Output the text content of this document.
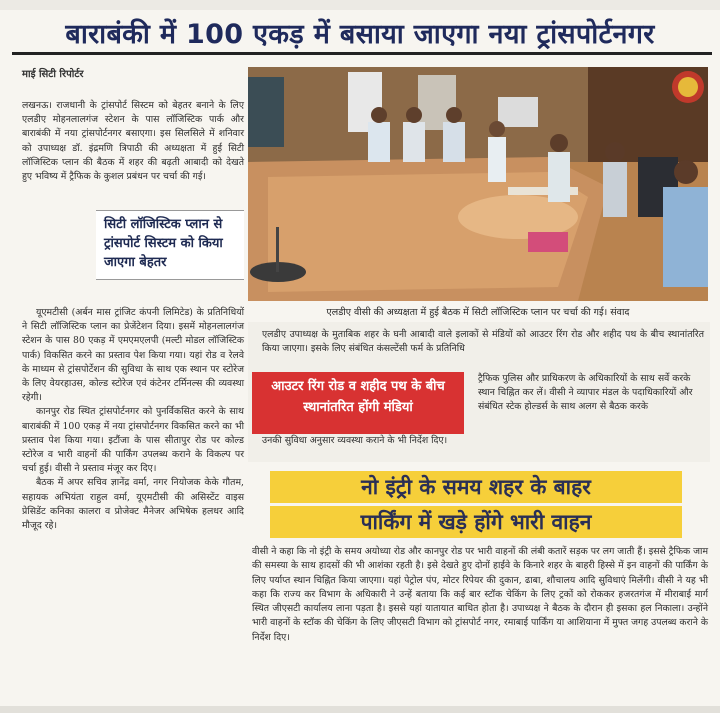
बाराबंकी में 100 एकड़ में बसाया जाएगा नया ट्रांसपोर्टनगर
माई सिटी रिपोर्टर

लखनऊ। राजधानी के ट्रांसपोर्ट सिस्टम को बेहतर बनाने के लिए एलडीए मोहनलालगंज स्टेशन के पास लॉजिस्टिक पार्क और बाराबंकी में नया ट्रांसपोर्टनगर बसाएगा। इस सिलसिले में शनिवार को उपाध्यक्ष डॉ. इंद्रमणि त्रिपाठी की अध्यक्षता में हुई सिटी लॉजिस्टिक प्लान की बैठक में शहर की बढ़ती आबादी को देखते हुए भविष्य में ट्रैफिक के कुशल प्रबंधन पर चर्चा की गई।

सिटी लॉजिस्टिक प्लान से ट्रांसपोर्ट सिस्टम को किया जाएगा बेहतर

यूएमटीसी (अर्बन मास ट्रांजिट कंपनी लिमिटेड) के प्रतिनिधियों ने सिटी लॉजिस्टिक प्लान का प्रेजेंटेशन दिया। इसमें मोहनलालगंज स्टेशन के पास 80 एकड़ में एमएमएलपी (मल्टी मोडल लॉजिस्टिक पार्क) विकसित करने का प्रस्ताव पेश किया गया। यहां रोड व रेलवे के माध्यम से ट्रांसपोर्टेशन की सुविधा के साथ एक स्थान पर स्टोरेज के लिए वेयरहाउस, कोल्ड स्टोरेज एवं कंटेनर टर्मिनल्स की व्यवस्था रहेगी।

कानपुर रोड स्थित ट्रांसपोर्टनगर को पुनर्विकसित करने के साथ बाराबंकी में 100 एकड़ में नया ट्रांसपोर्टनगर विकसित करने का भी प्रस्ताव पेश किया गया। इटौंजा के पास सीतापुर रोड पर कोल्ड स्टोरेज व भारी वाहनों की पार्किंग उपलब्ध कराने के विकल्प पर चर्चा हुई। वीसी ने प्रस्ताव मंजूर कर दिए।

बैठक में अपर सचिव ज्ञानेंद्र वर्मा, नगर नियोजक केके गौतम, सहायक अभियंता राहुल वर्मा, यूएमटीसी की असिस्टेंट वाइस प्रेसिडेंट कनिका कालरा व प्रोजेक्ट मैनेजर अभिषेक हलधर आदि मौजूद रहे।

एलडीए वीसी की अध्यक्षता में हुई बैठक में सिटी लॉजिस्टिक प्लान पर चर्चा की गई। संवाद
एलडीए उपाध्यक्ष के मुताबिक शहर के घनी आबादी वाले इलाकों से मंडियों को आउटर रिंग रोड और शहीद पथ के बीच स्थानांतरित किया जाएगा। इसके लिए संबंधित कंसल्टेंसी फर्म के प्रतिनिधि
उनकी सुविधा अनुसार व्यवस्था कराने के भी निर्देश दिए।
आउटर रिंग रोड व शहीद पथ के बीच स्थानांतरित होंगी मंडियां
ट्रैफिक पुलिस और प्राधिकरण के अधिकारियों के साथ सर्वे करके स्थान चिह्नित कर लें। वीसी ने व्यापार मंडल के पदाधिकारियों और संबंधित स्टेक होल्डर्स के साथ अलग से बैठक करके
नो इंट्री के समय शहर के बाहर
पार्किंग में खड़े होंगे भारी वाहन
वीसी ने कहा कि नो इंट्री के समय अयोध्या रोड और कानपुर रोड पर भारी वाहनों की लंबी कतारें सड़क पर लग जाती हैं। इससे ट्रैफिक जाम की समस्या के साथ हादसों की भी आशंका रहती है। इसे देखते हुए दोनों हाईवे के किनारे शहर के बाहरी हिस्से में इन वाहनों की पार्किंग के लिए पर्याप्त स्थान चिह्नित किया जाएगा। यहां पेट्रोल पंप, मोटर रिपेयर की दुकान, ढाबा, शौचालय आदि सुविधाएं मिलेंगी। वीसी ने यह भी कहा कि राज्य कर विभाग के अधिकारी ने उन्हें बताया कि कई बार स्टॉक चेकिंग के लिए ट्रकों को रोककर हजरतगंज में मीराबाई मार्ग स्थित जीएसटी कार्यालय लाना पड़ता है। इससे यहां यातायात बाधित होता है। उपाध्यक्ष ने बैठक के दौरान ही इसका हल निकाला। उन्होंने भारी वाहनों के स्टॉक की चेकिंग के लिए जीएसटी विभाग को ट्रांसपोर्ट नगर, रमाबाई पार्किंग या आशियाना में मुफ्त जगह उपलब्ध कराने के निर्देश दिए।
